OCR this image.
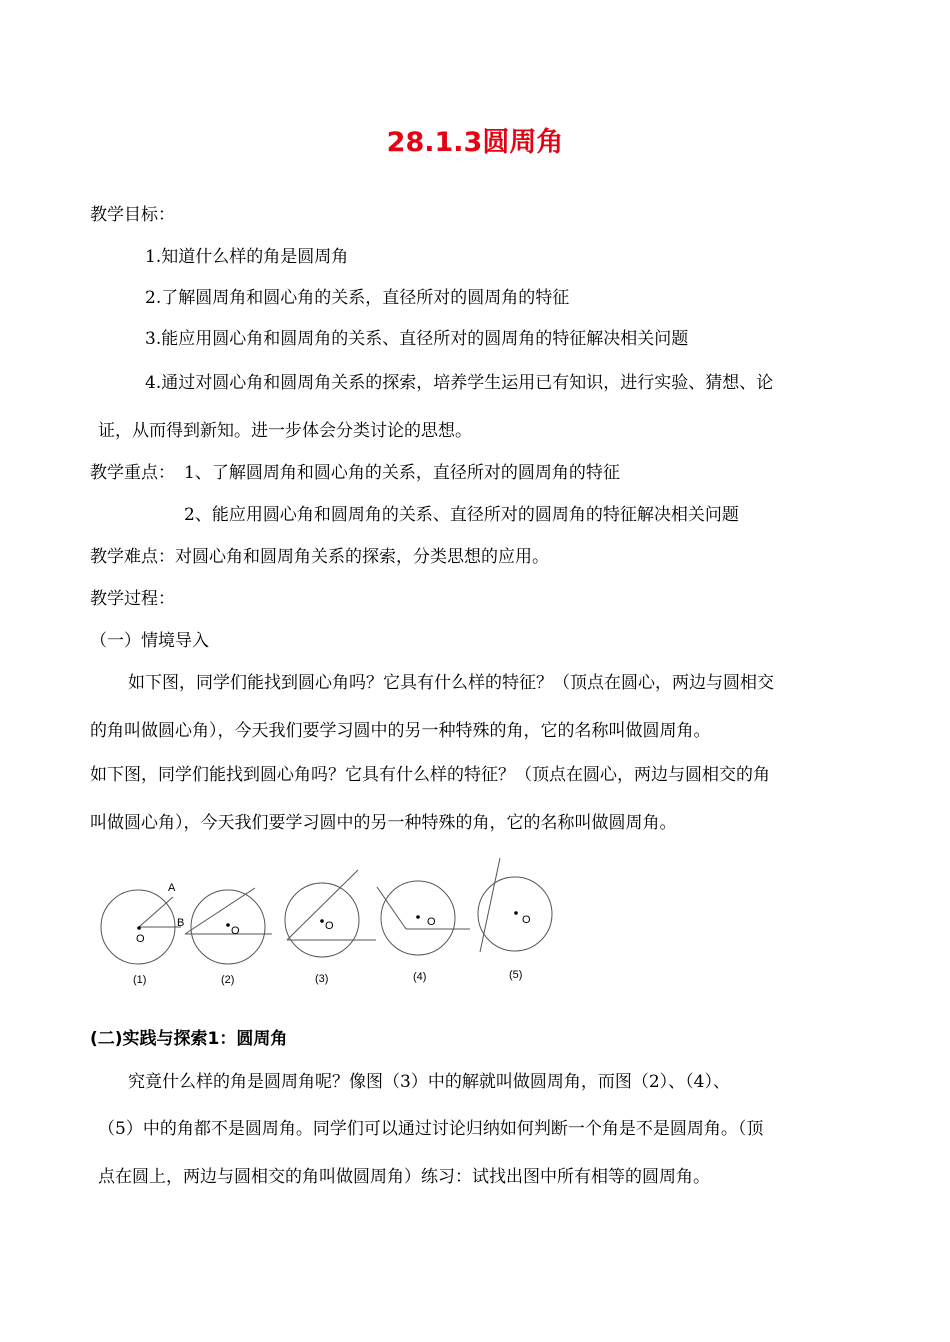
28.1.3圆周角
教学目标：
1.知道什么样的角是圆周角
2.了解圆周角和圆心角的关系，直径所对的圆周角的特征
3.能应用圆心角和圆周角的关系、直径所对的圆周角的特征解决相关问题
4.通过对圆心角和圆周角关系的探索，培养学生运用已有知识，进行实验、猜想、论
证，从而得到新知。进一步体会分类讨论的思想。
教学重点： 1、了解圆周角和圆心角的关系，直径所对的圆周角的特征
2、能应用圆心角和圆周角的关系、直径所对的圆周角的特征解决相关问题
教学难点：对圆心角和圆周角关系的探索，分类思想的应用。
教学过程：
（一）情境导入
如下图，同学们能找到圆心角吗？它具有什么样的特征？（顶点在圆心，两边与圆相交
的角叫做圆心角），今天我们要学习圆中的另一种特殊的角，它的名称叫做圆周角。
如下图，同学们能找到圆心角吗？它具有什么样的特征？（顶点在圆心，两边与圆相交的角
叫做圆心角），今天我们要学习圆中的另一种特殊的角，它的名称叫做圆周角。
A
B
O
O	O	O	O
(1)	(2)	(3)	(4)	(5)
(二)实践与探索1：圆周角
究竟什么样的角是圆周角呢？像图（3）中的解就叫做圆周角，而图（2）、（4）、
（5）中的角都不是圆周角。同学们可以通过讨论归纳如何判断一个角是不是圆周角。（顶
点在圆上，两边与圆相交的角叫做圆周角）练习：试找出图中所有相等的圆周角。
